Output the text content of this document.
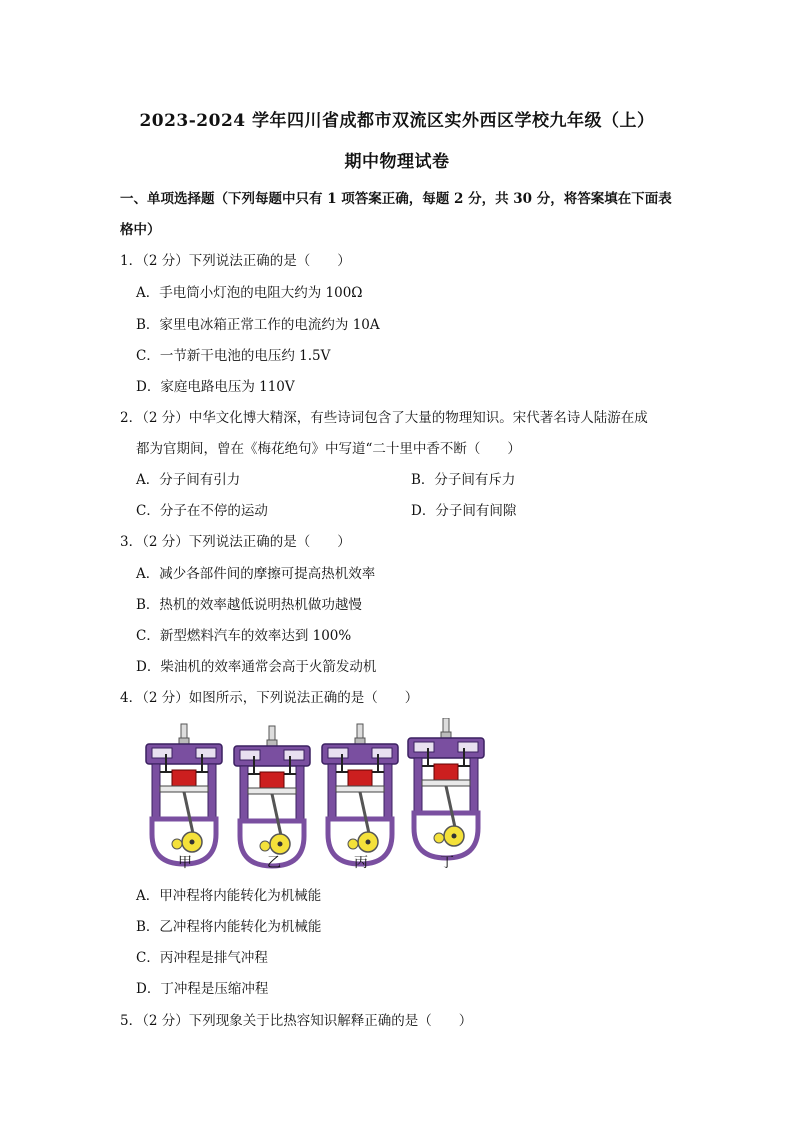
2023-2024 学年四川省成都市双流区实外西区学校九年级（上）
期中物理试卷
一、单项选择题（下列每题中只有 1 项答案正确，每题 2 分，共 30 分，将答案填在下面表
格中）
1．（2 分）下列说法正确的是（　　）
A．手电筒小灯泡的电阻大约为 100Ω
B．家里电冰箱正常工作的电流约为 10A
C．一节新干电池的电压约 1.5V
D．家庭电路电压为 110V
2．（2 分）中华文化博大精深，有些诗词包含了大量的物理知识。宋代著名诗人陆游在成
都为官期间，曾在《梅花绝句》中写道“二十里中香不断（　　）
A．分子间有引力	B．分子间有斥力
C．分子在不停的运动	D．分子间有间隙
3．（2 分）下列说法正确的是（　　）
A．减少各部件间的摩擦可提高热机效率
B．热机的效率越低说明热机做功越慢
C．新型燃料汽车的效率达到 100%
D．柴油机的效率通常会高于火箭发动机
4．（2 分）如图所示，下列说法正确的是（　　）
甲	乙	丙	丁
A．甲冲程将内能转化为机械能
B．乙冲程将内能转化为机械能
C．丙冲程是排气冲程
D．丁冲程是压缩冲程
5．（2 分）下列现象关于比热容知识解释正确的是（　　）
